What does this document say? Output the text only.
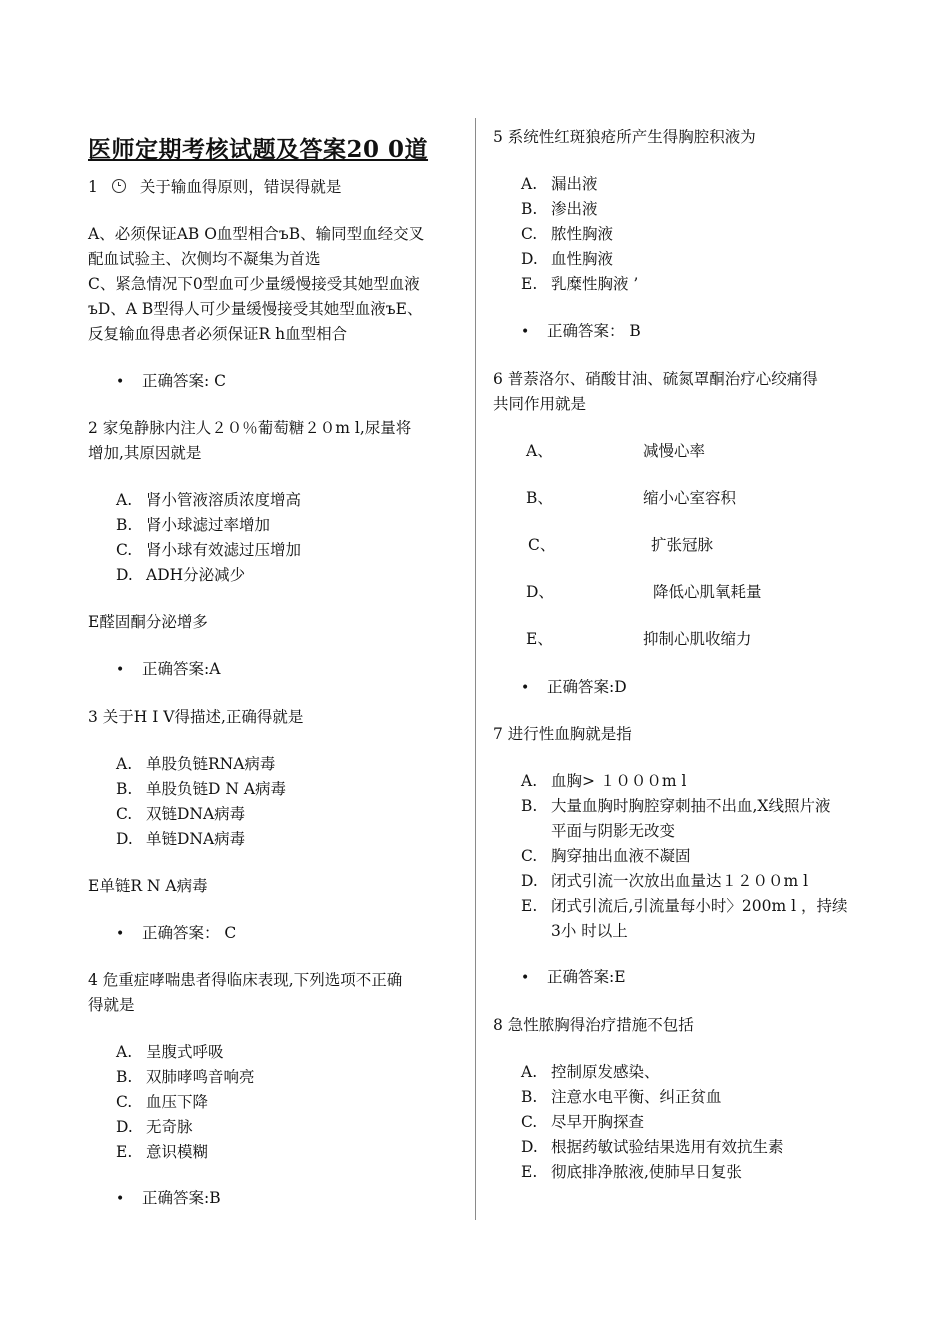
医师定期考核试题及答案20 0道
1	关于输血得原则，错误得就是
A、必须保证AB O血型相合ъB、输同型血经交叉
配血试验主、次侧均不凝集为首选
C、紧急情况下0型血可少量缓慢接受其她型血液
ъD、A B型得人可少量缓慢接受其她型血液ъE、
反复输血得患者必须保证R h血型相合
• 正确答案: C
2 家兔静脉内注人２０％葡萄糖２０m l,尿量将
增加,其原因就是
A. 肾小管液溶质浓度增高
B. 肾小球滤过率增加
C. 肾小球有效滤过压增加
D. ADH分泌减少
E醛固酮分泌增多
• 正确答案:A
3 关于H I V得描述,正确得就是
A. 单股负链RNA病毒
B. 单股负链D N A病毒
C. 双链DNA病毒
D. 单链DNA病毒
E单链R N A病毒
• 正确答案： C
4 危重症哮喘患者得临床表现,下列选项不正确
得就是
A. 呈腹式呼吸
B. 双肺哮鸣音响亮
C. 血压下降
D. 无奇脉
E. 意识模糊
• 正确答案:B
5 系统性红斑狼疮所产生得胸腔积液为
A. 漏出液
B. 渗出液
C. 脓性胸液
D. 血性胸液
E. 乳糜性胸液 ’
• 正确答案： B
6 普萘洛尔、硝酸甘油、硫氮罩酮治疗心绞痛得
共同作用就是
A、	减慢心率
B、	缩小心室容积
C、	扩张冠脉
D、	降低心肌氧耗量
E、	抑制心肌收缩力
• 正确答案:D
7 进行性血胸就是指
A. 血胸> １０００m l
B. 大量血胸时胸腔穿刺抽不出血,X线照片液
平面与阴影无改变
C. 胸穿抽出血液不凝固
D. 闭式引流一次放出血量达１２００m l
E. 闭式引流后,引流量每小时〉200m l ，持续
3小 时以上
• 正确答案:E
8 急性脓胸得治疗措施不包括
A. 控制原发感染、
B. 注意水电平衡、纠正贫血
C. 尽早开胸探查
D. 根据药敏试验结果选用有效抗生素
E. 彻底排净脓液,使肺早日复张
